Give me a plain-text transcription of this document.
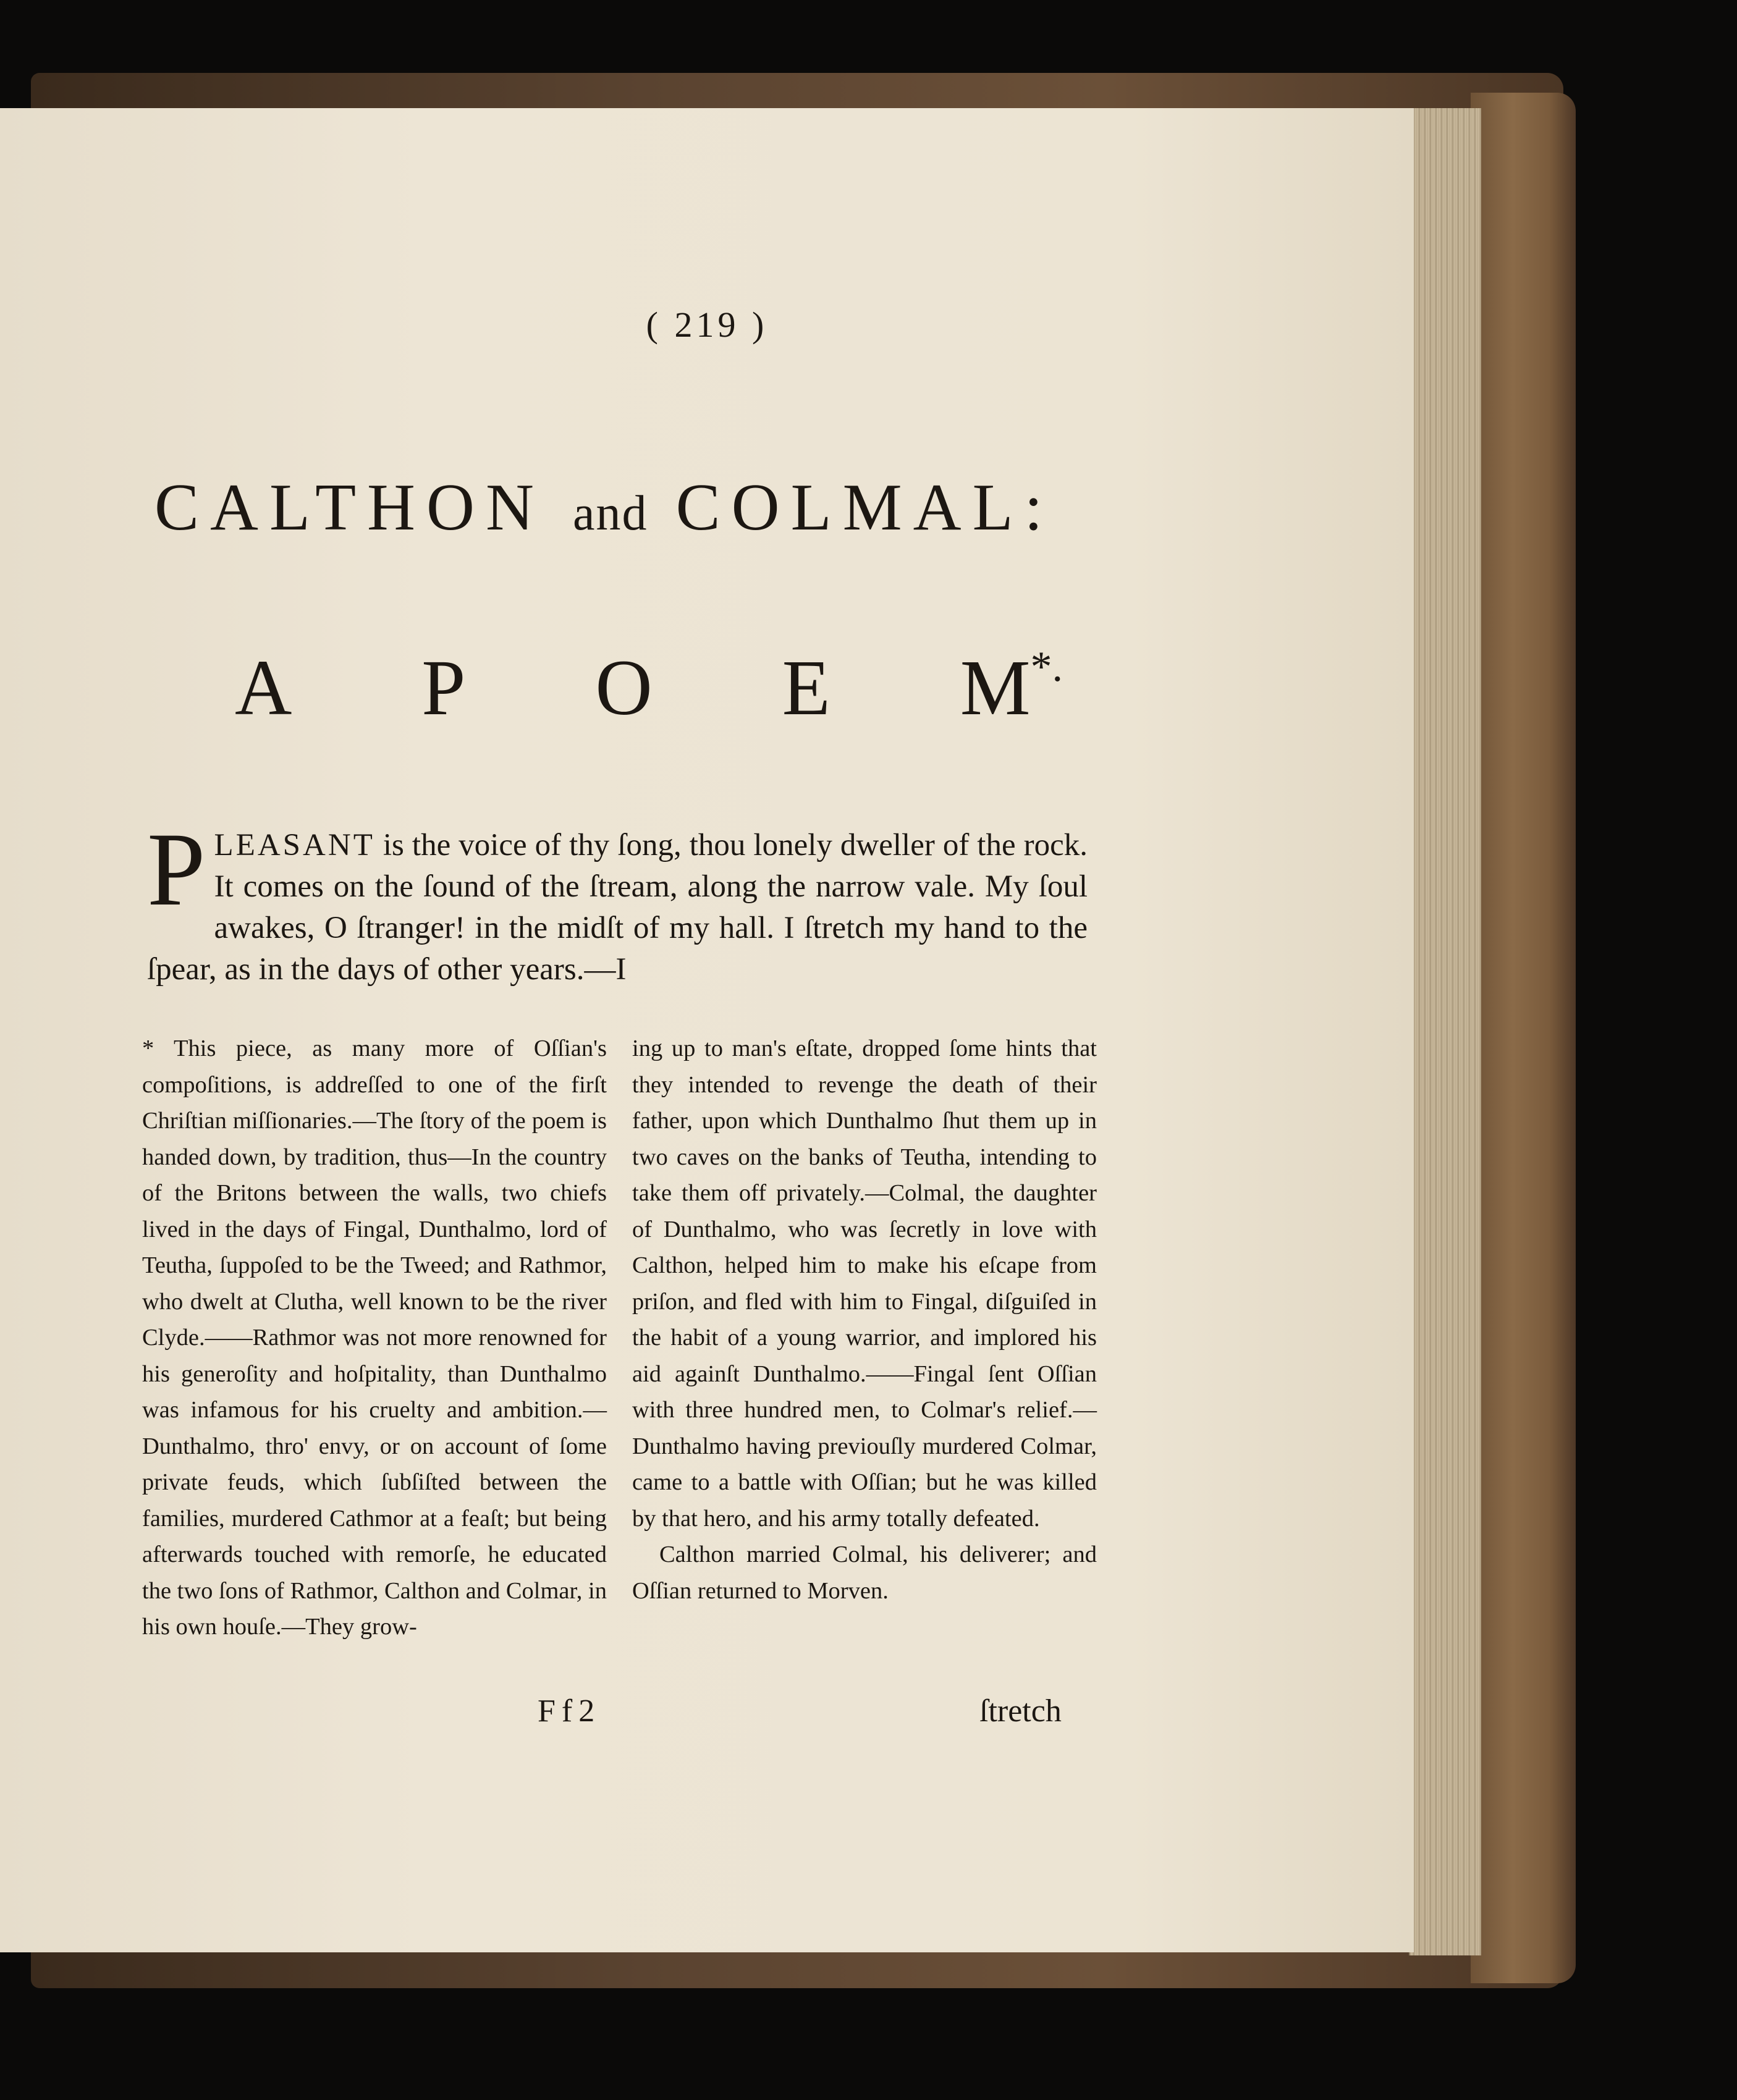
( 219 )
CALTHON and COLMAL:
A P O E M*.
PLEASANT is the voice of thy ſong, thou lonely dweller of the rock. It comes on the ſound of the ſtream, along the narrow vale. My ſoul awakes, O ſtranger! in the midſt of my hall. I ſtretch my hand to the ſpear, as in the days of other years.—I

* This piece, as many more of Oſſian's compoſitions, is addreſſed to one of the firſt Chriſtian miſſionaries.—The ſtory of the poem is handed down, by tradition, thus—In the country of the Britons between the walls, two chiefs lived in the days of Fingal, Dunthalmo, lord of Teutha, ſuppoſed to be the Tweed; and Rathmor, who dwelt at Clutha, well known to be the river Clyde.——Rathmor was not more renowned for his generoſity and hoſpitality, than Dunthalmo was infamous for his cruelty and ambition.—Dunthalmo, thro' envy, or on account of ſome private feuds, which ſubſiſted between the families, murdered Cathmor at a feaſt; but being afterwards touched with remorſe, he educated the two ſons of Rathmor, Calthon and Colmar, in his own houſe.—They grow-

ing up to man's eſtate, dropped ſome hints that they intended to revenge the death of their father, upon which Dunthalmo ſhut them up in two caves on the banks of Teutha, intending to take them off privately.—Colmal, the daughter of Dunthalmo, who was ſecretly in love with Calthon, helped him to make his eſcape from priſon, and fled with him to Fingal, diſguiſed in the habit of a young warrior, and implored his aid againſt Dunthalmo.——Fingal ſent Oſſian with three hundred men, to Colmar's relief.—Dunthalmo having previouſly murdered Colmar, came to a battle with Oſſian; but he was killed by that hero, and his army totally defeated.

Calthon married Colmal, his deliverer; and Oſſian returned to Morven.

Ff2	ſtretch
